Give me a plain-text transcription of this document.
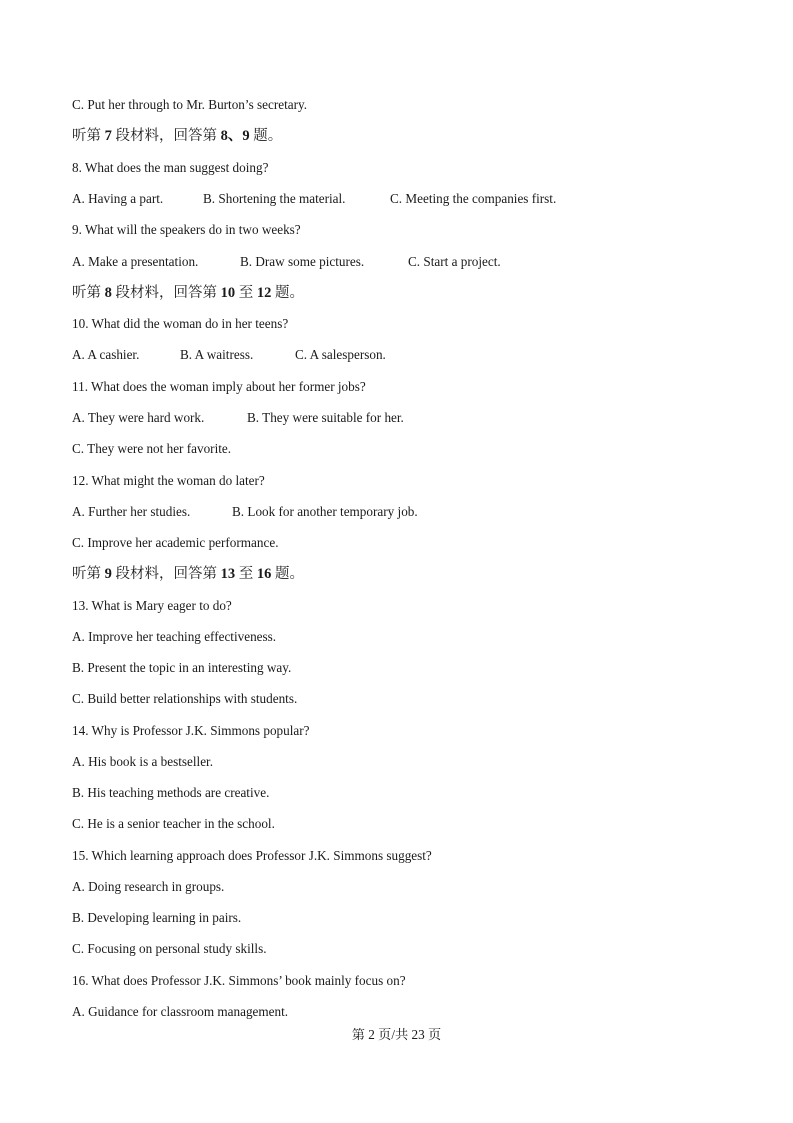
C. Put her through to Mr. Burton’s secretary.
听第 7 段材料，回答第 8、9 题。
8. What does the man suggest doing?
A. Having a part.	B. Shortening the material.	C. Meeting the companies first.
9. What will the speakers do in two weeks?
A. Make a presentation.	B. Draw some pictures.	C. Start a project.
听第 8 段材料，回答第 10 至 12 题。
10. What did the woman do in her teens?
A. A cashier.	B. A waitress.	C. A salesperson.
11. What does the woman imply about her former jobs?
A. They were hard work.	B. They were suitable for her.
C. They were not her favorite.
12. What might the woman do later?
A. Further her studies.	B. Look for another temporary job.
C. Improve her academic performance.
听第 9 段材料，回答第 13 至 16 题。
13. What is Mary eager to do?
A. Improve her teaching effectiveness.
B. Present the topic in an interesting way.
C. Build better relationships with students.
14. Why is Professor J.K. Simmons popular?
A. His book is a bestseller.
B. His teaching methods are creative.
C. He is a senior teacher in the school.
15. Which learning approach does Professor J.K. Simmons suggest?
A. Doing research in groups.
B. Developing learning in pairs.
C. Focusing on personal study skills.
16. What does Professor J.K. Simmons’ book mainly focus on?
A. Guidance for classroom management.
第 2 页/共 23 页
